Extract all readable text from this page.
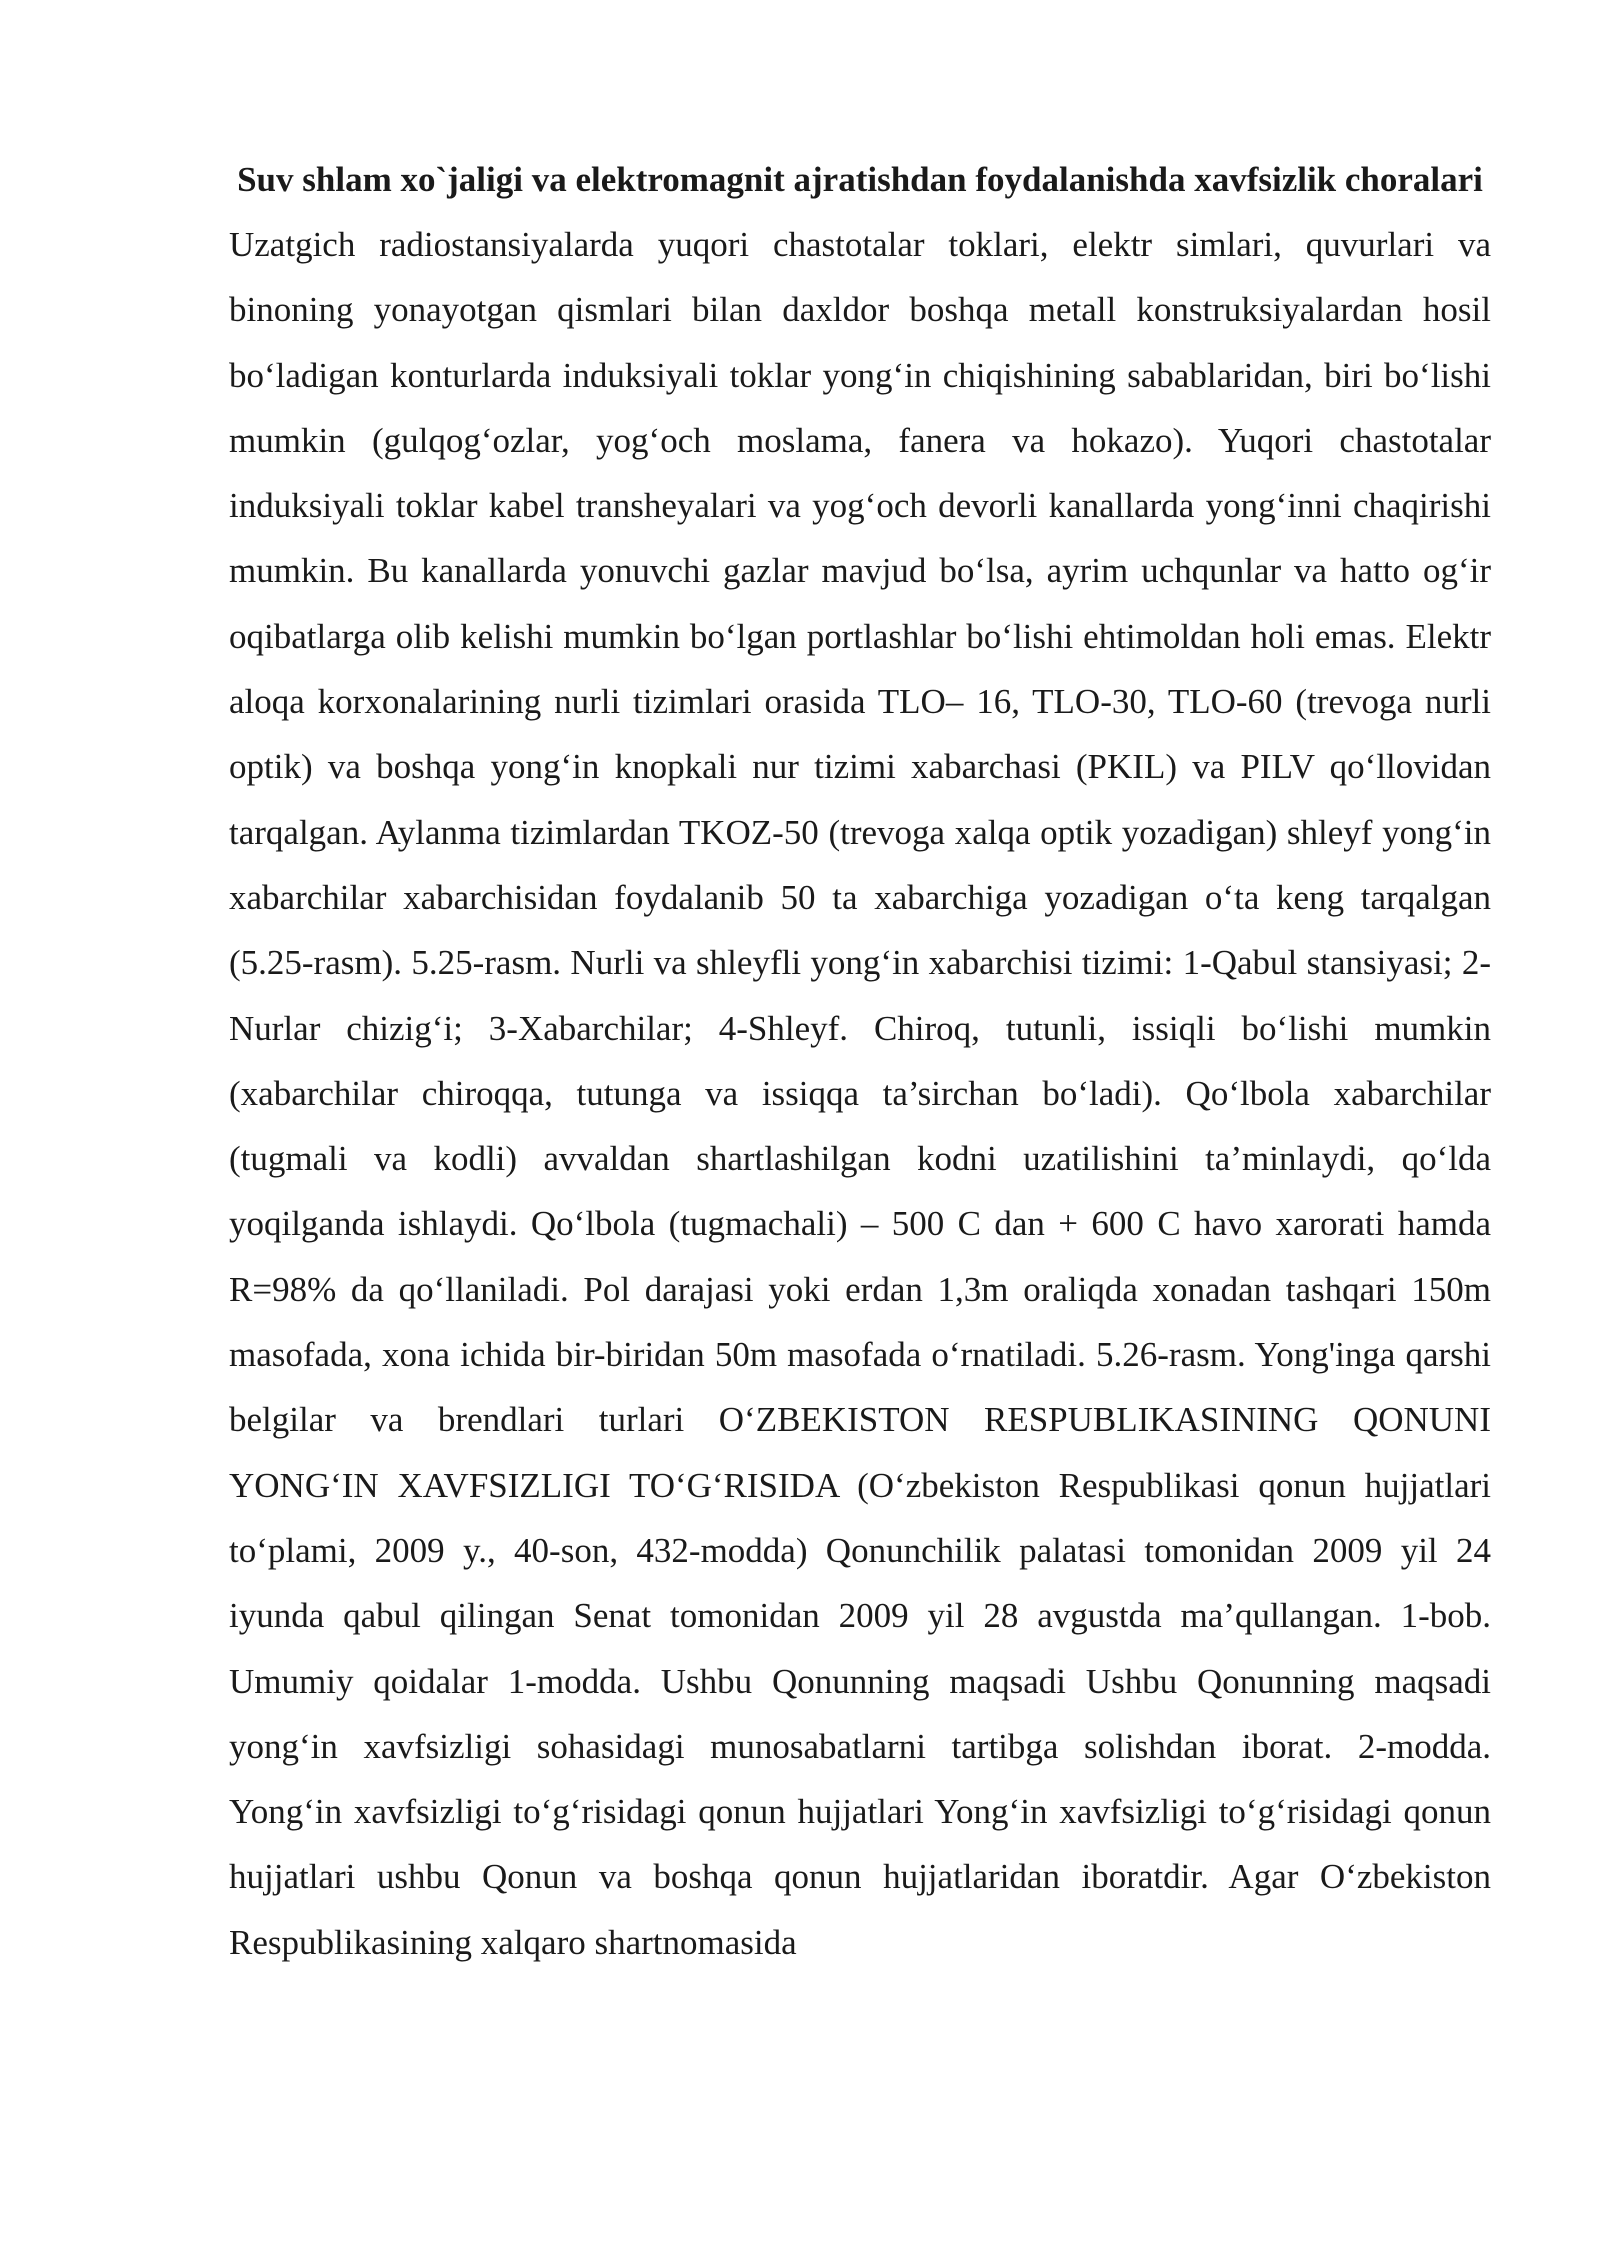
Suv shlam xo`jaligi va elektromagnit ajratishdan foydalanishda xavfsizlik choralari

Uzatgich radiostansiyalarda yuqori chastotalar toklari, elektr simlari, quvurlari va binoning yonayotgan qismlari bilan daxldor boshqa metall konstruksiyalardan hosil bo‘ladigan konturlarda induksiyali toklar yong‘in chiqishining sabablaridan, biri bo‘lishi mumkin (gulqog‘ozlar, yog‘och moslama, fanera va hokazo). Yuqori chastotalar induksiyali toklar kabel transheyalari va yog‘och devorli kanallarda yong‘inni chaqirishi mumkin. Bu kanallarda yonuvchi gazlar mavjud bo‘lsa, ayrim uchqunlar va hatto og‘ir oqibatlarga olib kelishi mumkin bo‘lgan portlashlar bo‘lishi ehtimoldan holi emas. Elektr aloqa korxonalarining nurli tizimlari orasida TLO– 16, TLO-30, TLO-60 (trevoga nurli optik) va boshqa yong‘in knopkali nur tizimi xabarchasi (PKIL) va PILV qo‘llovidan tarqalgan. Aylanma tizimlardan TKOZ-50 (trevoga xalqa optik yozadigan) shleyf yong‘in xabarchilar xabarchisidan foydalanib 50 ta xabarchiga yozadigan o‘ta keng tarqalgan (5.25-rasm). 5.25-rasm. Nurli va shleyfli yong‘in xabarchisi tizimi: 1-Qabul stansiyasi; 2-Nurlar chizig‘i; 3-Xabarchilar; 4-Shleyf. Chiroq, tutunli, issiqli bo‘lishi mumkin (xabarchilar chiroqqa, tutunga va issiqqa ta’sirchan bo‘ladi). Qo‘lbola xabarchilar (tugmali va kodli) avvaldan shartlashilgan kodni uzatilishini ta’minlaydi, qo‘lda yoqilganda ishlaydi. Qo‘lbola (tugmachali) – 500 C dan + 600 C havo xarorati hamda R=98% da qo‘llaniladi. Pol darajasi yoki erdan 1,3m oraliqda xonadan tashqari 150m masofada, xona ichida bir-biridan 50m masofada o‘rnatiladi. 5.26-rasm. Yong'inga qarshi belgilar va brendlari turlari O‘ZBEKISTON RESPUBLIKASINING QONUNI YONG‘IN XAVFSIZLIGI TO‘G‘RISIDA (O‘zbekiston Respublikasi qonun hujjatlari to‘plami, 2009 y., 40-son, 432-modda) Qonunchilik palatasi tomonidan 2009 yil 24 iyunda qabul qilingan Senat tomonidan 2009 yil 28 avgustda ma’qullangan. 1-bob. Umumiy qoidalar 1-modda. Ushbu Qonunning maqsadi Ushbu Qonunning maqsadi yong‘in xavfsizligi sohasidagi munosabatlarni tartibga solishdan iborat. 2-modda. Yong‘in xavfsizligi to‘g‘risidagi qonun hujjatlari Yong‘in xavfsizligi to‘g‘risidagi qonun hujjatlari ushbu Qonun va boshqa qonun hujjatlaridan iboratdir. Agar O‘zbekiston Respublikasining xalqaro shartnomasida
